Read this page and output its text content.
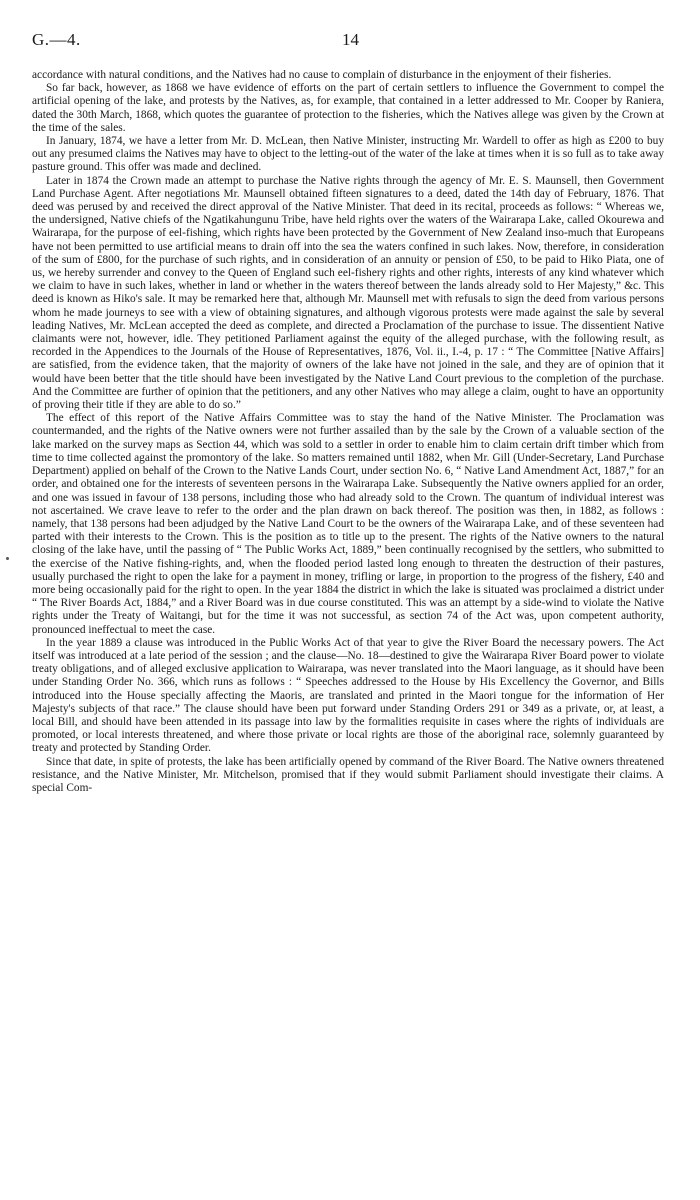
G.—4.	14

accordance with natural conditions, and the Natives had no cause to complain of disturbance in the enjoyment of their fisheries.

So far back, however, as 1868 we have evidence of efforts on the part of certain settlers to influence the Government to compel the artificial opening of the lake, and protests by the Natives, as, for example, that contained in a letter addressed to Mr. Cooper by Raniera, dated the 30th March, 1868, which quotes the guarantee of protection to the fisheries, which the Natives allege was given by the Crown at the time of the sales.

In January, 1874, we have a letter from Mr. D. McLean, then Native Minister, instructing Mr. Wardell to offer as high as £200 to buy out any presumed claims the Natives may have to object to the letting-out of the water of the lake at times when it is so full as to take away pasture ground. This offer was made and declined.

Later in 1874 the Crown made an attempt to purchase the Native rights through the agency of Mr. E. S. Maunsell, then Government Land Purchase Agent. After negotiations Mr. Maunsell obtained fifteen signatures to a deed, dated the 14th day of February, 1876. That deed was perused by and received the direct approval of the Native Minister. That deed in its recital, proceeds as follows: “ Whereas we, the undersigned, Native chiefs of the Ngatikahungunu Tribe, have held rights over the waters of the Wairarapa Lake, called Okourewa and Wairarapa, for the purpose of eel-fishing, which rights have been protected by the Government of New Zealand inso-much that Europeans have not been permitted to use artificial means to drain off into the sea the waters confined in such lakes. Now, therefore, in consideration of the sum of £800, for the purchase of such rights, and in consideration of an annuity or pension of £50, to be paid to Hiko Piata, one of us, we hereby surrender and convey to the Queen of England such eel-fishery rights and other rights, interests of any kind whatever which we claim to have in such lakes, whether in land or whether in the waters thereof between the lands already sold to Her Majesty,” &c. This deed is known as Hiko's sale. It may be remarked here that, although Mr. Maunsell met with refusals to sign the deed from various persons whom he made journeys to see with a view of obtaining signatures, and although vigorous protests were made against the sale by several leading Natives, Mr. McLean accepted the deed as complete, and directed a Proclamation of the purchase to issue. The dissentient Native claimants were not, however, idle. They petitioned Parliament against the equity of the alleged purchase, with the following result, as recorded in the Appendices to the Journals of the House of Representatives, 1876, Vol. ii., I.-4, p. 17 : “ The Committee [Native Affairs] are satisfied, from the evidence taken, that the majority of owners of the lake have not joined in the sale, and they are of opinion that it would have been better that the title should have been investigated by the Native Land Court previous to the completion of the purchase. And the Committee are further of opinion that the petitioners, and any other Natives who may allege a claim, ought to have an opportunity of proving their title if they are able to do so.”

The effect of this report of the Native Affairs Committee was to stay the hand of the Native Minister. The Proclamation was countermanded, and the rights of the Native owners were not further assailed than by the sale by the Crown of a valuable section of the lake marked on the survey maps as Section 44, which was sold to a settler in order to enable him to claim certain drift timber which from time to time collected against the promontory of the lake. So matters remained until 1882, when Mr. Gill (Under-Secretary, Land Purchase Department) applied on behalf of the Crown to the Native Lands Court, under section No. 6, “ Native Land Amendment Act, 1887,” for an order, and obtained one for the interests of seventeen persons in the Wairarapa Lake. Subsequently the Native owners applied for an order, and one was issued in favour of 138 persons, including those who had already sold to the Crown. The quantum of individual interest was not ascertained. We crave leave to refer to the order and the plan drawn on back thereof. The position was then, in 1882, as follows : namely, that 138 persons had been adjudged by the Native Land Court to be the owners of the Wairarapa Lake, and of these seventeen had parted with their interests to the Crown. This is the position as to title up to the present. The rights of the Native owners to the natural closing of the lake have, until the passing of “ The Public Works Act, 1889,” been continually recognised by the settlers, who submitted to the exercise of the Native fishing-rights, and, when the flooded period lasted long enough to threaten the destruction of their pastures, usually purchased the right to open the lake for a payment in money, trifling or large, in proportion to the progress of the fishery, £40 and more being occasionally paid for the right to open. In the year 1884 the district in which the lake is situated was proclaimed a district under “ The River Boards Act, 1884,” and a River Board was in due course constituted. This was an attempt by a side-wind to violate the Native rights under the Treaty of Waitangi, but for the time it was not successful, as section 74 of the Act was, upon competent authority, pronounced ineffectual to meet the case.

In the year 1889 a clause was introduced in the Public Works Act of that year to give the River Board the necessary powers. The Act itself was introduced at a late period of the session ; and the clause—No. 18—destined to give the Wairarapa River Board power to violate treaty obligations, and of alleged exclusive application to Wairarapa, was never translated into the Maori language, as it should have been under Standing Order No. 366, which runs as follows : “ Speeches addressed to the House by His Excellency the Governor, and Bills introduced into the House specially affecting the Maoris, are translated and printed in the Maori tongue for the information of Her Majesty's subjects of that race.” The clause should have been put forward under Standing Orders 291 or 349 as a private, or, at least, a local Bill, and should have been attended in its passage into law by the formalities requisite in cases where the rights of individuals are promoted, or local interests threatened, and where those private or local rights are those of the aboriginal race, solemnly guaranteed by treaty and protected by Standing Order.

Since that date, in spite of protests, the lake has been artificially opened by command of the River Board. The Native owners threatened resistance, and the Native Minister, Mr. Mitchelson, promised that if they would submit Parliament should investigate their claims. A special Com-
